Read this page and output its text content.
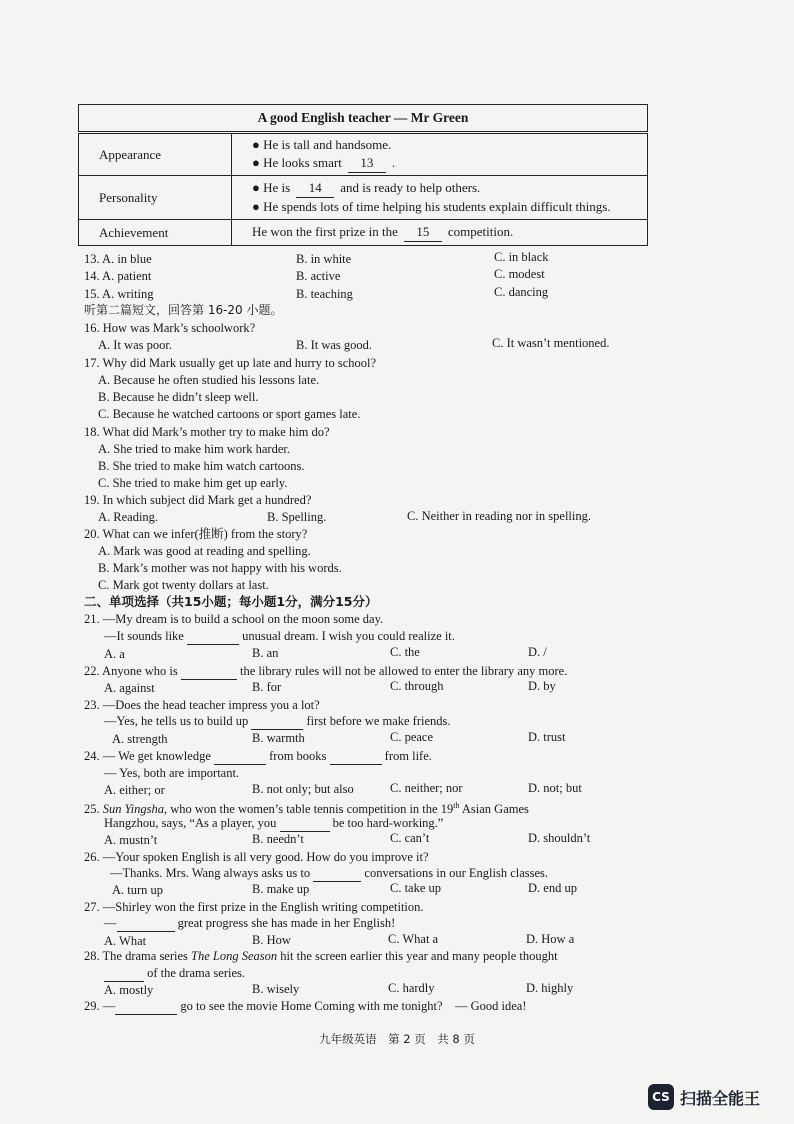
A good English teacher — Mr Green	
Appearance	● He is tall and handsome.
● He looks smart 13 .

Personality	● He is 14 and is ready to help others.
● He spends lots of time helping his students explain difficult things.

Achievement	He won the first prize in the 15 competition.
13. A. in blue	B. in white	C. in black
14. A. patient	B. active	C. modest
15. A. writing	B. teaching	C. dancing
听第二篇短文，回答第 16-20 小题。
16. How was Mark’s schoolwork?
A. It was poor.	B. It was good.	C. It wasn’t mentioned.
17. Why did Mark usually get up late and hurry to school?
A. Because he often studied his lessons late.
B. Because he didn’t sleep well.
C. Because he watched cartoons or sport games late.
18. What did Mark’s mother try to make him do?
A. She tried to make him work harder.
B. She tried to make him watch cartoons.
C. She tried to make him get up early.
19. In which subject did Mark get a hundred?
A. Reading.	B. Spelling.	C. Neither in reading nor in spelling.
20. What can we infer(推断) from the story?
A. Mark was good at reading and spelling.
B. Mark’s mother was not happy with his words.
C. Mark got twenty dollars at last.
二、单项选择（共15小题；每小题1分，满分15分）
21. —My dream is to build a school on the moon some day.
—It sounds like	unusual dream. I wish you could realize it.
A. a	B. an	C. the	D. /
22. Anyone who is	the library rules will not be allowed to enter the library any more.
A. against	B. for	C. through	D. by
23. —Does the head teacher impress you a lot?
—Yes, he tells us to build up	first before we make friends.
A. strength	B. warmth	C. peace	D. trust
24. — We get knowledge	from books	from life.
— Yes, both are important.
A. either; or	B. not only; but also	C. neither; nor	D. not; but
25. Sun Yingsha, who won the women’s table tennis competition in the 19th Asian Games
Hangzhou, says, “As a player, you	be too hard-working.”
A. mustn’t	B. needn’t	C. can’t	D. shouldn’t
26. —Your spoken English is all very good. How do you improve it?
—Thanks. Mrs. Wang always asks us to	conversations in our English classes.
A. turn up	B. make up	C. take up	D. end up
27. —Shirley won the first prize in the English writing competition.
—	great progress she has made in her English!
A. What	B. How	C. What a	D. How a
28. The drama series The Long Season hit the screen earlier this year and many people thought
of the drama series.
A. mostly	B. wisely	C. hardly	D. highly
29. —	go to see the movie Home Coming with me tonight?　— Good idea!
九年级英语　第 2 页　共 8 页
CS 扫描全能王
